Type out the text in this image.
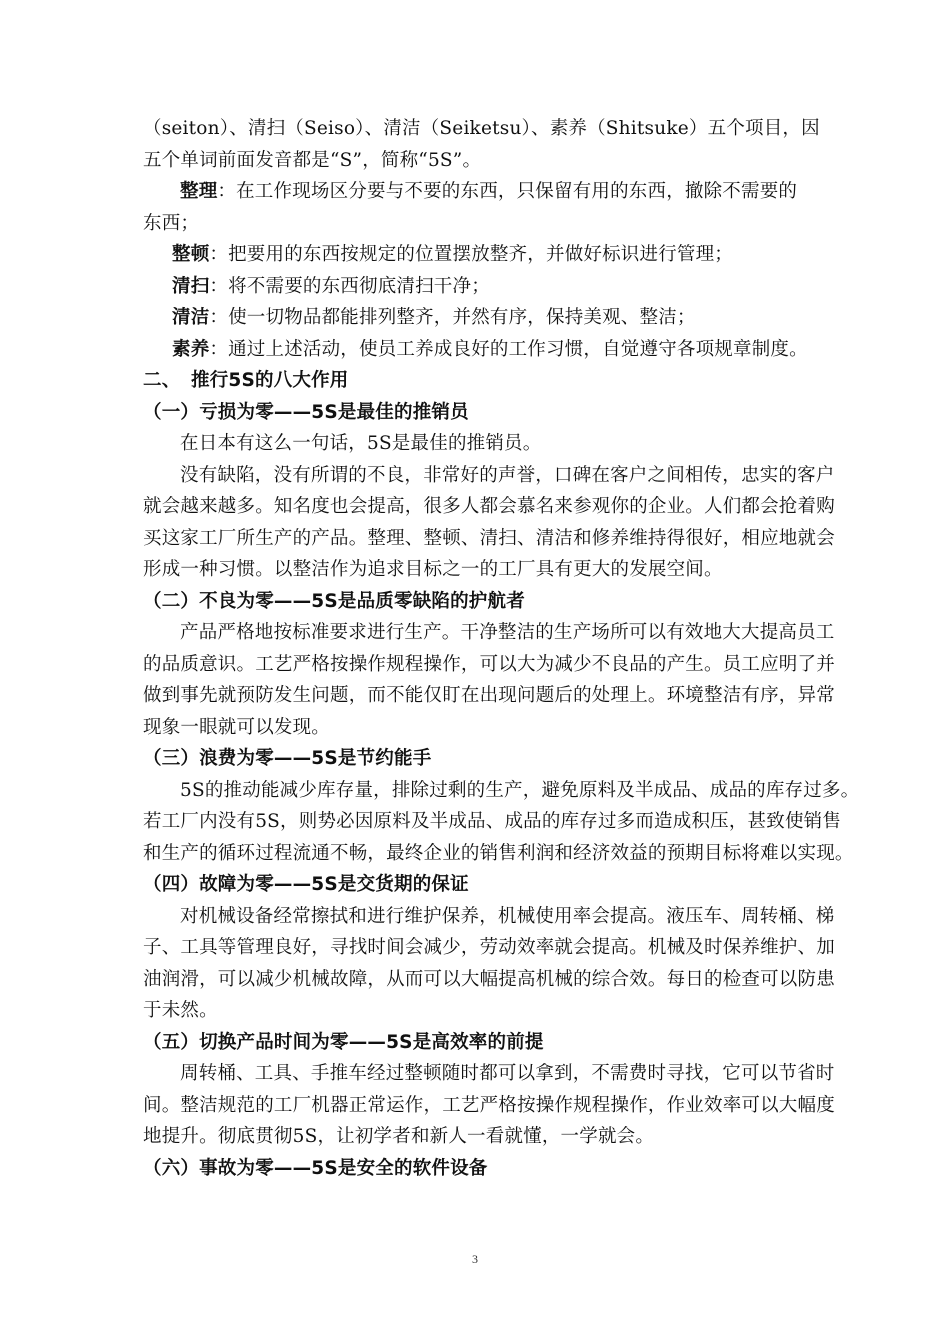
（seiton）、清扫（Seiso）、清洁（Seiketsu）、素养（Shitsuke）五个项目，因
五个单词前面发音都是“S”，简称“5S”。
整理：在工作现场区分要与不要的东西，只保留有用的东西，撤除不需要的
东西；
整顿：把要用的东西按规定的位置摆放整齐，并做好标识进行管理；
清扫：将不需要的东西彻底清扫干净；
清洁：使一切物品都能排列整齐，并然有序，保持美观、整洁；
素养：通过上述活动，使员工养成良好的工作习惯，自觉遵守各项规章制度。
二、 推行5S的八大作用
（一）亏损为零——5S是最佳的推销员
在日本有这么一句话，5S是最佳的推销员。
没有缺陷，没有所谓的不良，非常好的声誉，口碑在客户之间相传，忠实的客户
就会越来越多。知名度也会提高，很多人都会慕名来参观你的企业。人们都会抢着购
买这家工厂所生产的产品。整理、整顿、清扫、清洁和修养维持得很好，相应地就会
形成一种习惯。以整洁作为追求目标之一的工厂具有更大的发展空间。
（二）不良为零——5S是品质零缺陷的护航者
产品严格地按标准要求进行生产。干净整洁的生产场所可以有效地大大提高员工
的品质意识。工艺严格按操作规程操作，可以大为减少不良品的产生。员工应明了并
做到事先就预防发生问题，而不能仅盯在出现问题后的处理上。环境整洁有序，异常
现象一眼就可以发现。
（三）浪费为零——5S是节约能手
5S的推动能减少库存量，排除过剩的生产，避免原料及半成品、成品的库存过多。
若工厂内没有5S，则势必因原料及半成品、成品的库存过多而造成积压，甚致使销售
和生产的循环过程流通不畅，最终企业的销售利润和经济效益的预期目标将难以实现。
（四）故障为零——5S是交货期的保证
对机械设备经常擦拭和进行维护保养，机械使用率会提高。液压车、周转桶、梯
子、工具等管理良好，寻找时间会减少，劳动效率就会提高。机械及时保养维护、加
油润滑，可以减少机械故障，从而可以大幅提高机械的综合效。每日的检查可以防患
于未然。
（五）切换产品时间为零——5S是高效率的前提
周转桶、工具、手推车经过整顿随时都可以拿到，不需费时寻找，它可以节省时
间。整洁规范的工厂机器正常运作，工艺严格按操作规程操作，作业效率可以大幅度
地提升。彻底贯彻5S，让初学者和新人一看就懂，一学就会。
（六）事故为零——5S是安全的软件设备
3
